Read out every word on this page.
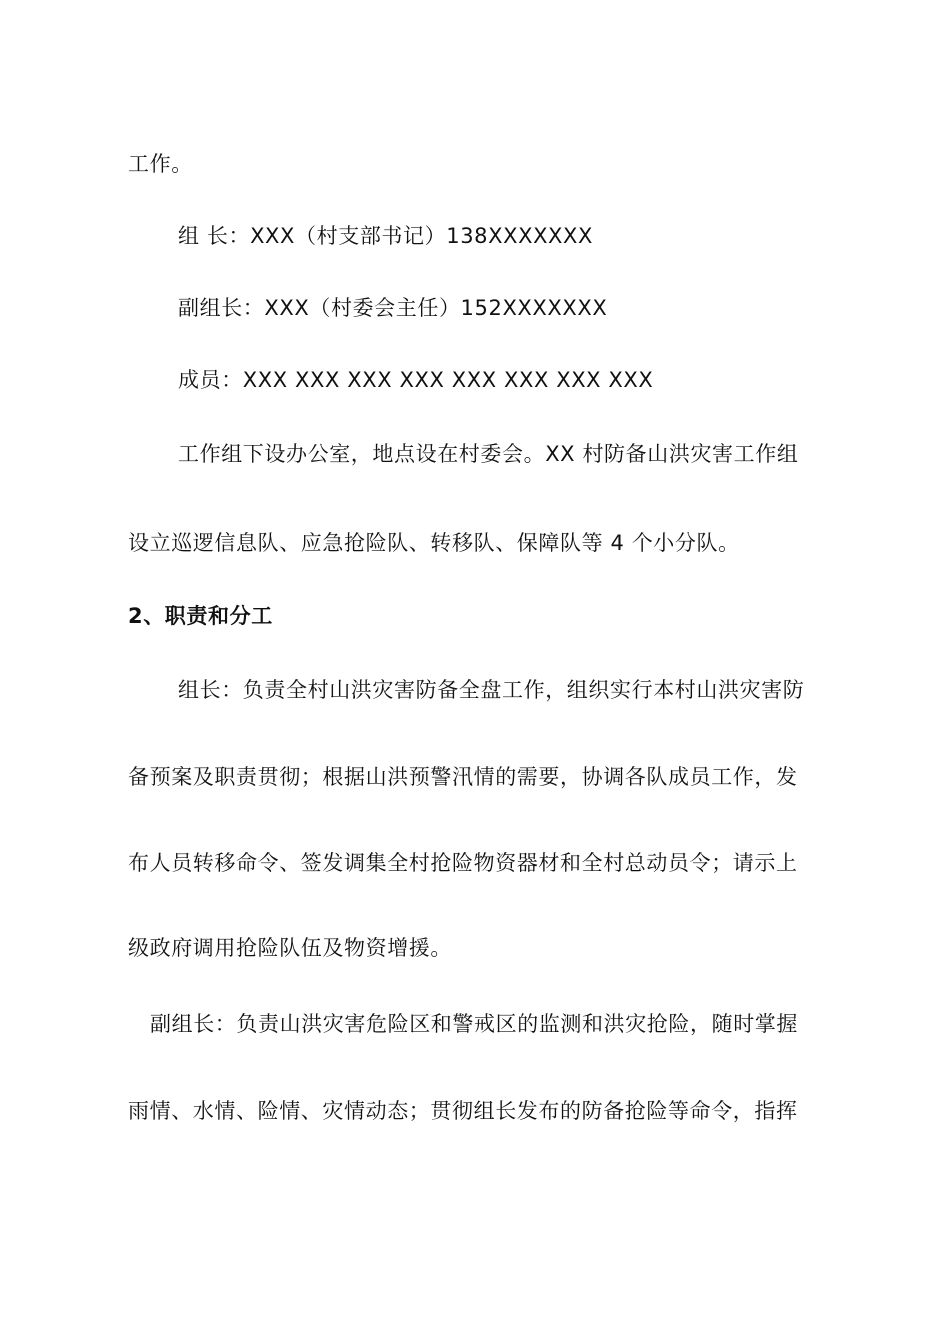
工作。
组 长：XXX（村支部书记）138XXXXXXX
副组长：XXX（村委会主任）152XXXXXXX
成员：XXX XXX XXX XXX XXX XXX XXX XXX
工作组下设办公室，地点设在村委会。XX 村防备山洪灾害工作组
设立巡逻信息队、应急抢险队、转移队、保障队等 4 个小分队。
2、职责和分工
组长：负责全村山洪灾害防备全盘工作，组织实行本村山洪灾害防
备预案及职责贯彻；根据山洪预警汛情的需要，协调各队成员工作，发
布人员转移命令、签发调集全村抢险物资器材和全村总动员令；请示上
级政府调用抢险队伍及物资增援。
副组长：负责山洪灾害危险区和警戒区的监测和洪灾抢险，随时掌握
雨情、水情、险情、灾情动态；贯彻组长发布的防备抢险等命令，指挥
